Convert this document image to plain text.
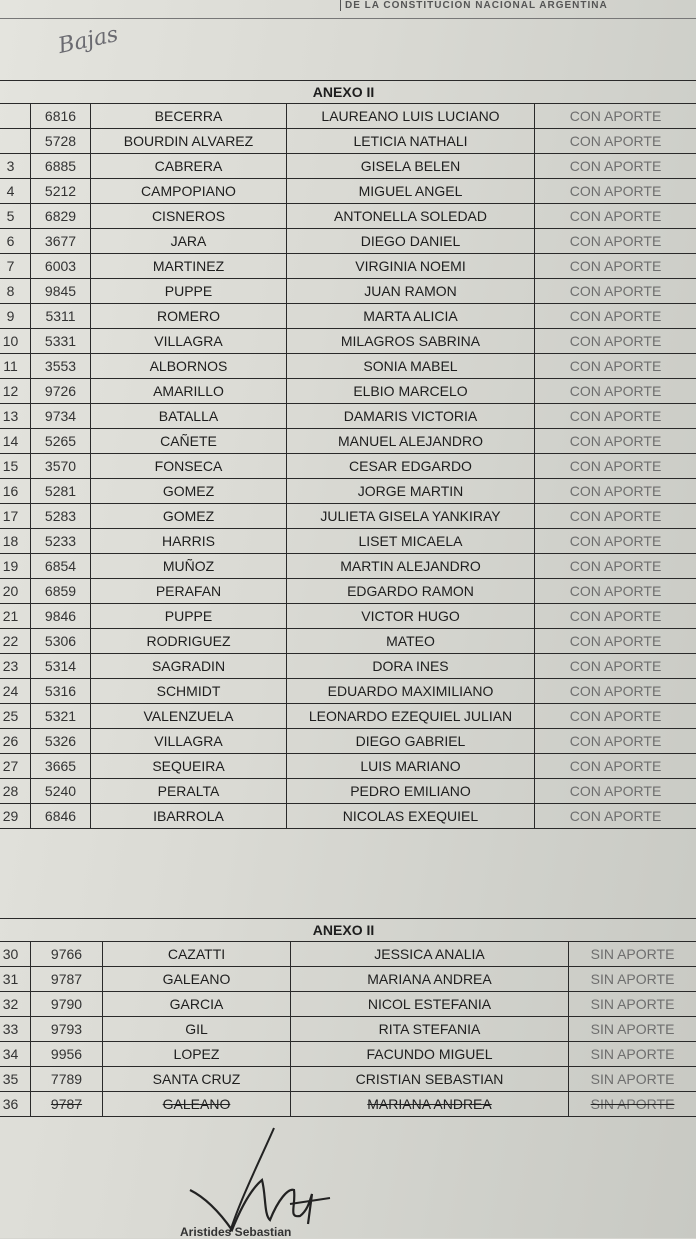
DE LA CONSTITUCION NACIONAL ARGENTINA
Bajas
ANEXO II				
	6816	BECERRA	LAUREANO LUIS LUCIANO	CON APORTE
	5728	BOURDIN ALVAREZ	LETICIA NATHALI	CON APORTE
3	6885	CABRERA	GISELA BELEN	CON APORTE
4	5212	CAMPOPIANO	MIGUEL ANGEL	CON APORTE
5	6829	CISNEROS	ANTONELLA SOLEDAD	CON APORTE
6	3677	JARA	DIEGO DANIEL	CON APORTE
7	6003	MARTINEZ	VIRGINIA NOEMI	CON APORTE
8	9845	PUPPE	JUAN RAMON	CON APORTE
9	5311	ROMERO	MARTA ALICIA	CON APORTE
10	5331	VILLAGRA	MILAGROS SABRINA	CON APORTE
11	3553	ALBORNOS	SONIA MABEL	CON APORTE
12	9726	AMARILLO	ELBIO MARCELO	CON APORTE
13	9734	BATALLA	DAMARIS VICTORIA	CON APORTE
14	5265	CAÑETE	MANUEL ALEJANDRO	CON APORTE
15	3570	FONSECA	CESAR EDGARDO	CON APORTE
16	5281	GOMEZ	JORGE MARTIN	CON APORTE
17	5283	GOMEZ	JULIETA GISELA YANKIRAY	CON APORTE
18	5233	HARRIS	LISET MICAELA	CON APORTE
19	6854	MUÑOZ	MARTIN ALEJANDRO	CON APORTE
20	6859	PERAFAN	EDGARDO RAMON	CON APORTE
21	9846	PUPPE	VICTOR HUGO	CON APORTE
22	5306	RODRIGUEZ	MATEO	CON APORTE
23	5314	SAGRADIN	DORA INES	CON APORTE
24	5316	SCHMIDT	EDUARDO MAXIMILIANO	CON APORTE
25	5321	VALENZUELA	LEONARDO EZEQUIEL JULIAN	CON APORTE
26	5326	VILLAGRA	DIEGO GABRIEL	CON APORTE
27	3665	SEQUEIRA	LUIS MARIANO	CON APORTE
28	5240	PERALTA	PEDRO EMILIANO	CON APORTE
29	6846	IBARROLA	NICOLAS EXEQUIEL	CON APORTE
ANEXO II				
30	9766	CAZATTI	JESSICA ANALIA	SIN APORTE
31	9787	GALEANO	MARIANA ANDREA	SIN APORTE
32	9790	GARCIA	NICOL ESTEFANIA	SIN APORTE
33	9793	GIL	RITA STEFANIA	SIN APORTE
34	9956	LOPEZ	FACUNDO MIGUEL	SIN APORTE
35	7789	SANTA CRUZ	CRISTIAN SEBASTIAN	SIN APORTE
36	9787	GALEANO	MARIANA ANDREA	SIN APORTE
Aristides Sebastian
